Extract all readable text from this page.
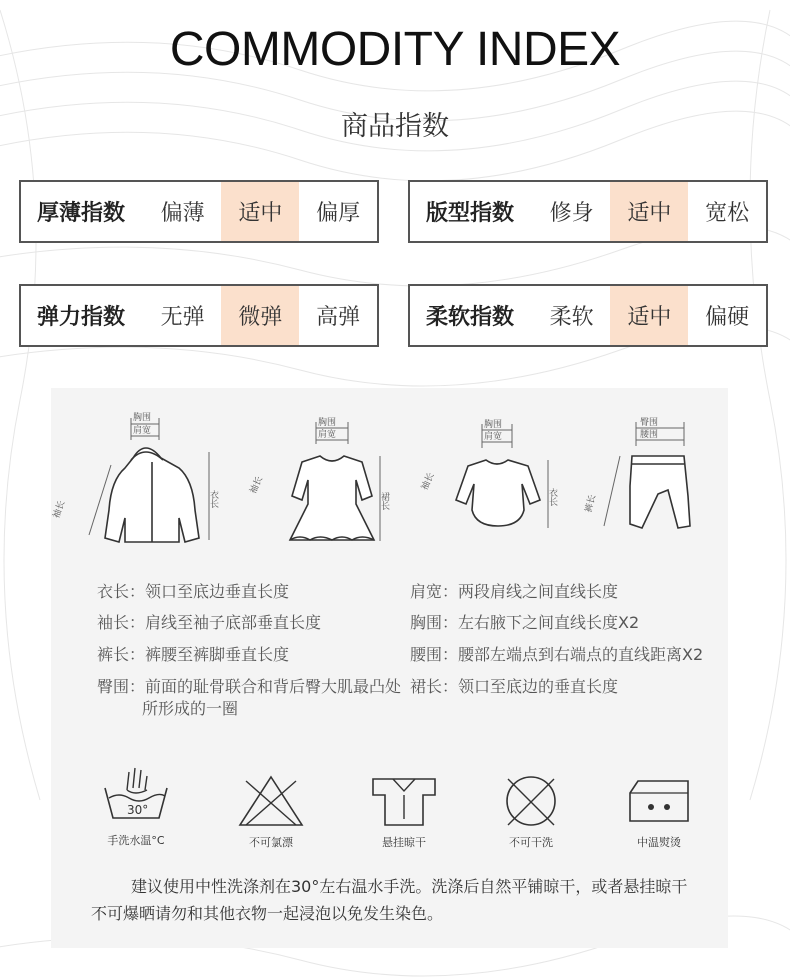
COMMODITY INDEX
商品指数
厚薄指数	偏薄	适中	偏厚	版型指数	修身	适中	宽松
弹力指数	无弹	微弹	高弹	柔软指数	柔软	适中	偏硬
胸围
肩宽
袖长
衣长
胸围
肩宽
袖长
裙长
胸围
肩宽
袖长
衣长
臀围
腰围
裤长
衣长：领口至底边垂直长度
袖长：肩线至袖子底部垂直长度
裤长：裤腰至裤脚垂直长度
臀围：前面的耻骨联合和背后臀大肌最凸处
所形成的一圈
肩宽：两段肩线之间直线长度
胸围：左右腋下之间直线长度X2
腰围：腰部左端点到右端点的直线距离X2
裙长：领口至底边的垂直长度
30°
手洗水温°C	不可氯漂	悬挂晾干	不可干洗	中温熨烫
建议使用中性洗涤剂在30°左右温水手洗。洗涤后自然平铺晾干，或者悬挂晾干不可爆晒请勿和其他衣物一起浸泡以免发生染色。
